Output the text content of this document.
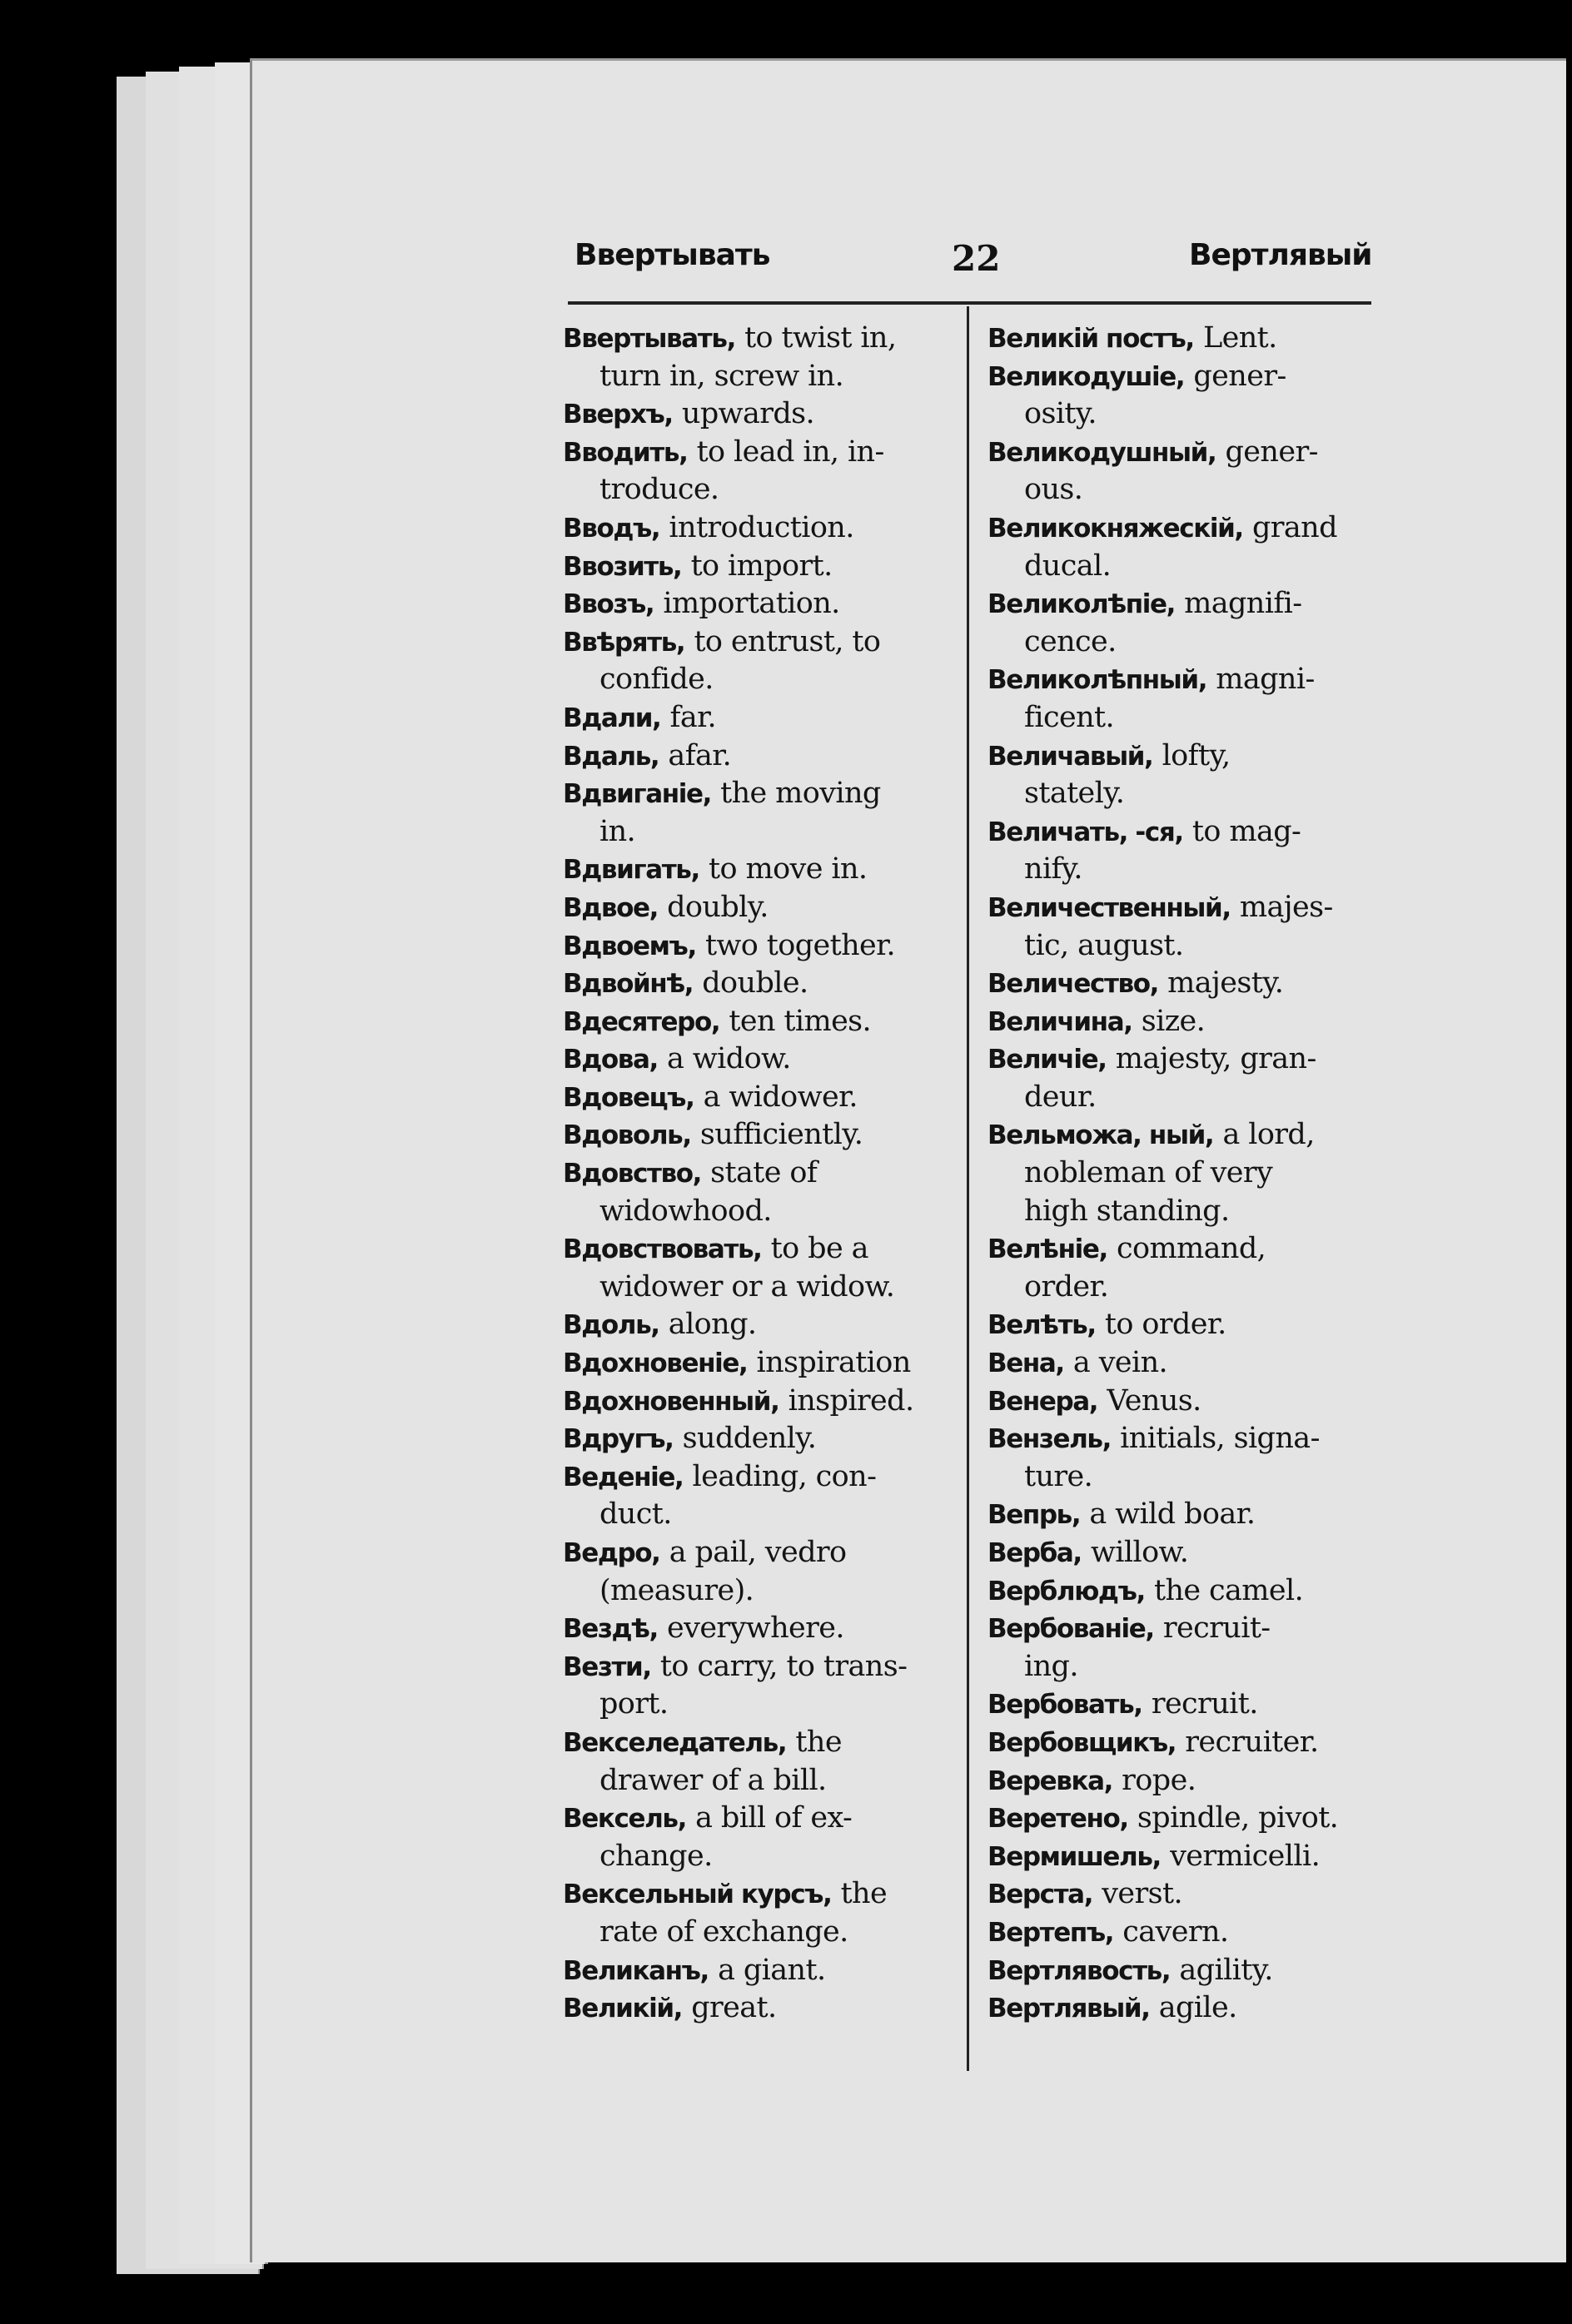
Ввертывать	22	Вертлявый
Ввертывать, to twist in,
turn in, screw in.
Вверхъ, upwards.
Вводить, to lead in, in-
troduce.
Вводъ, introduction.
Ввозить, to import.
Ввозъ, importation.
Ввѣрять, to entrust, to
confide.
Вдали, far.
Вдаль, afar.
Вдвиганіе, the moving
in.
Вдвигать, to move in.
Вдвое, doubly.
Вдвоемъ, two together.
Вдвойнѣ, double.
Вдесятеро, ten times.
Вдова, a widow.
Вдовецъ, a widower.
Вдоволь, sufficiently.
Вдовство, state of
widowhood.
Вдовствовать, to be a
widower or a widow.
Вдоль, along.
Вдохновеніе, inspiration
Вдохновенный, inspired.
Вдругъ, suddenly.
Веденіе, leading, con-
duct.
Ведро, a pail, vedro
(measure).
Вездѣ, everywhere.
Везти, to carry, to trans-
port.
Векселедатель, the
drawer of a bill.
Вексель, a bill of ex-
change.
Вексельный курсъ, the
rate of exchange.
Великанъ, a giant.
Великій, great.
Великій постъ, Lent.
Великодушіе, gener-
osity.
Великодушный, gener-
ous.
Великокняжескій, grand
ducal.
Великолѣпіе, magnifi-
cence.
Великолѣпный, magni-
ficent.
Величавый, lofty,
stately.
Величать, -ся, to mag-
nify.
Величественный, majes-
tic, august.
Величество, majesty.
Величина, size.
Величіе, majesty, gran-
deur.
Вельможа, ный, a lord,
nobleman of very
high standing.
Велѣніе, command,
order.
Велѣть, to order.
Вена, a vein.
Венера, Venus.
Вензель, initials, signa-
ture.
Вепрь, a wild boar.
Верба, willow.
Верблюдъ, the camel.
Вербованіе, recruit-
ing.
Вербовать, recruit.
Вербовщикъ, recruiter.
Веревка, rope.
Веретено, spindle, pivot.
Вермишель, vermicelli.
Верста, verst.
Вертепъ, cavern.
Вертлявость, agility.
Вертлявый, agile.
